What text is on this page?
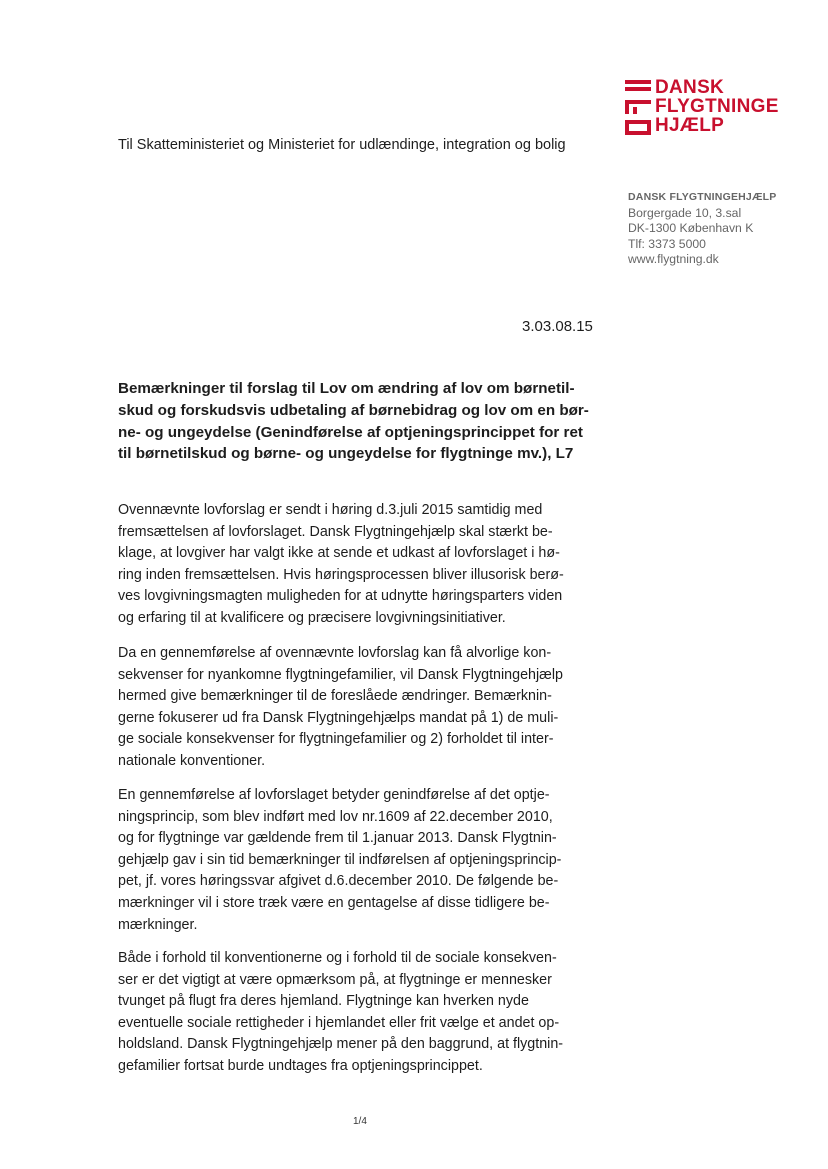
DANSK
FLYGTNINGE
HJÆLP
Til Skatteministeriet og Ministeriet for udlændinge, integration og bolig
DANSK FLYGTNINGEHJÆLP
Borgergade 10, 3.sal
DK-1300 København K
Tlf: 3373 5000
www.flygtning.dk
3.03.08.15
Bemærkninger til forslag til Lov om ændring af lov om børnetil-
skud og forskudsvis udbetaling af børnebidrag og lov om en bør-
ne- og ungeydelse (Genindførelse af optjeningsprincippet for ret
til børnetilskud og børne- og ungeydelse for flygtninge mv.), L7
Ovennævnte lovforslag er sendt i høring d.3.juli 2015 samtidig med
fremsættelsen af lovforslaget. Dansk Flygtningehjælp skal stærkt be-
klage, at lovgiver har valgt ikke at sende et udkast af lovforslaget i hø-
ring inden fremsættelsen. Hvis høringsprocessen bliver illusorisk berø-
ves lovgivningsmagten muligheden for at udnytte høringsparters viden
og erfaring til at kvalificere og præcisere lovgivningsinitiativer.
Da en gennemførelse af ovennævnte lovforslag kan få alvorlige kon-
sekvenser for nyankomne flygtningefamilier, vil Dansk Flygtningehjælp
hermed give bemærkninger til de foreslåede ændringer. Bemærknin-
gerne fokuserer ud fra Dansk Flygtningehjælps mandat på 1) de muli-
ge sociale konsekvenser for flygtningefamilier og 2) forholdet til inter-
nationale konventioner.
En gennemførelse af lovforslaget betyder genindførelse af det optje-
ningsprincip, som blev indført med lov nr.1609 af 22.december 2010,
og for flygtninge var gældende frem til 1.januar 2013. Dansk Flygtnin-
gehjælp gav i sin tid bemærkninger til indførelsen af optjeningsprincip-
pet, jf. vores høringssvar afgivet d.6.december 2010. De følgende be-
mærkninger vil i store træk være en gentagelse af disse tidligere be-
mærkninger.
Både i forhold til konventionerne og i forhold til de sociale konsekven-
ser er det vigtigt at være opmærksom på, at flygtninge er mennesker
tvunget på flugt fra deres hjemland. Flygtninge kan hverken nyde
eventuelle sociale rettigheder i hjemlandet eller frit vælge et andet op-
holdsland. Dansk Flygtningehjælp mener på den baggrund, at flygtnin-
gefamilier fortsat burde undtages fra optjeningsprincippet.
1/4
